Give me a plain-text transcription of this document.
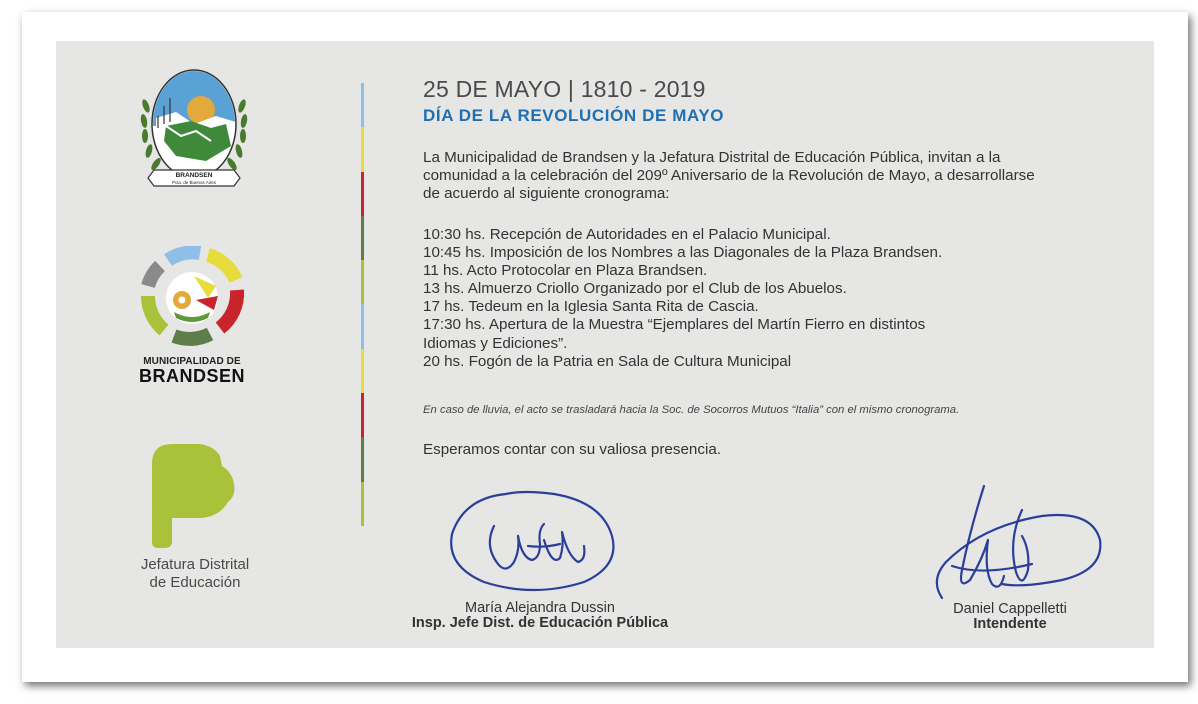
BRANDSEN
Pcia. de Buenos Aires
MUNICIPALIDAD DE
BRANDSEN
Jefatura Distrital
de Educación
25 DE MAYO | 1810 - 2019
DÍA DE LA REVOLUCIÓN DE MAYO

La Municipalidad de Brandsen y la Jefatura Distrital de Educación Pública, invitan a la

comunidad a la celebración del 209º Aniversario de la Revolución de Mayo, a desarrollarse

de acuerdo al siguiente cronograma:

10:30 hs. Recepción de Autoridades en el Palacio Municipal.
10:45 hs. Imposición de los Nombres a las Diagonales de la Plaza Brandsen.
11 hs. Acto Protocolar en Plaza Brandsen.
13 hs. Almuerzo Criollo Organizado por el Club de los Abuelos.
17 hs. Tedeum en la Iglesia Santa Rita de Cascia.
17:30 hs. Apertura de la Muestra “Ejemplares del Martín Fierro en distintos
Idiomas y Ediciones”.
20 hs. Fogón de la Patria en Sala de Cultura Municipal
En caso de lluvia, el acto se trasladará hacia la Soc. de Socorros Mutuos “Italia” con el mismo cronograma.
Esperamos contar con su valiosa presencia.
María Alejandra Dussin
Insp. Jefe Dist. de Educación Pública
Daniel Cappelletti
Intendente
